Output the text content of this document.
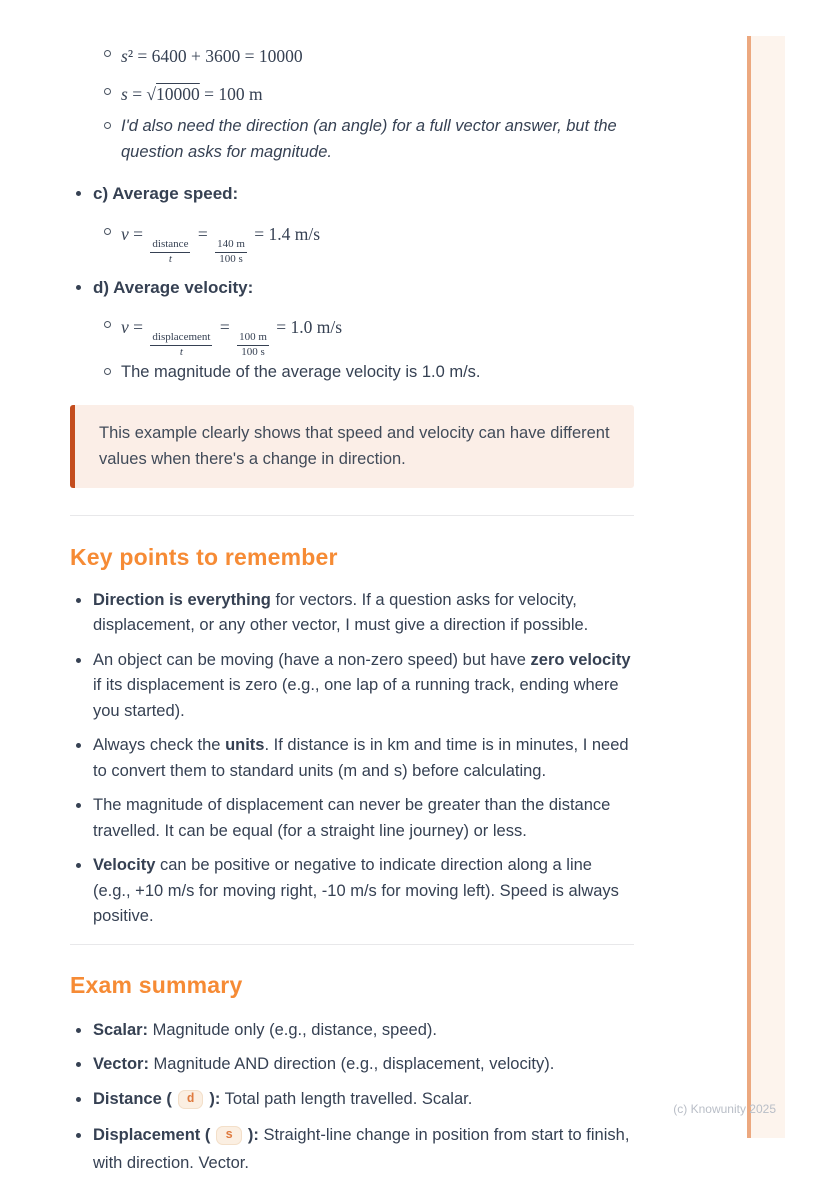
s² = 6400 + 3600 = 10000
s = √10000 = 100 m
I'd also need the direction (an angle) for a full vector answer, but the question asks for magnitude.
c) Average speed:
v =
$\frac{\text{distance}}{t}$
=
$\frac{140 m}{100 s}$
= 1.4 m/s
d) Average velocity:
v =
$\frac{\text{displacement}}{t}$
=
$\frac{100 m}{100 s}$
= 1.0 m/s
The magnitude of the average velocity is 1.0 m/s.
This example clearly shows that speed and velocity can have different values when there's a change in direction.
Key points to remember
Direction is everything for vectors. If a question asks for velocity, displacement, or any other vector, I must give a direction if possible.
An object can be moving (have a non-zero speed) but have zero velocity if its displacement is zero (e.g., one lap of a running track, ending where you started).
Always check the units. If distance is in km and time is in minutes, I need to convert them to standard units (m and s) before calculating.
The magnitude of displacement can never be greater than the distance travelled. It can be equal (for a straight line journey) or less.
Velocity can be positive or negative to indicate direction along a line (e.g., +10 m/s for moving right, -10 m/s for moving left). Speed is always positive.
Exam summary
Scalar: Magnitude only (e.g., distance, speed).
Vector: Magnitude AND direction (e.g., displacement, velocity).
Distance ( d ): Total path length travelled. Scalar.
Displacement ( s ): Straight-line change in position from start to finish, with direction. Vector.
(c) Knowunity 2025
